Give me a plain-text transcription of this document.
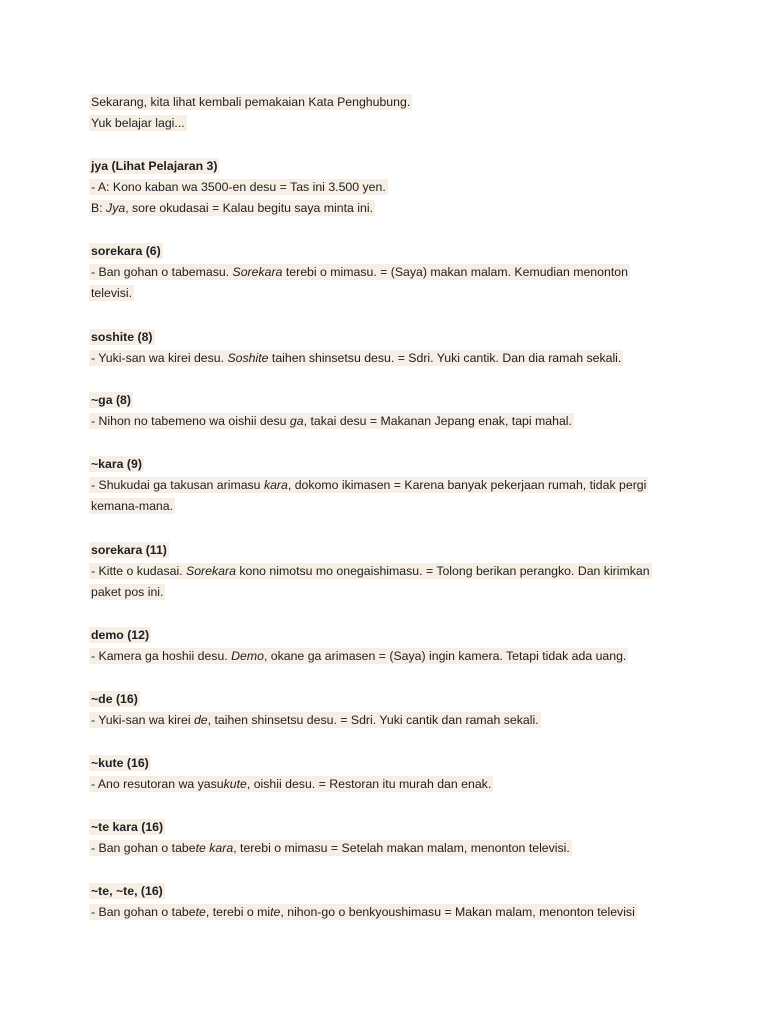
Sekarang, kita lihat kembali pemakaian Kata Penghubung.
Yuk belajar lagi...
jya (Lihat Pelajaran 3)
- A: Kono kaban wa 3500-en desu = Tas ini 3.500 yen.
B: Jya, sore okudasai = Kalau begitu saya minta ini.
sorekara (6)
- Ban gohan o tabemasu. Sorekara terebi o mimasu. = (Saya) makan malam. Kemudian menonton televisi.
soshite (8)
- Yuki-san wa kirei desu. Soshite taihen shinsetsu desu. = Sdri. Yuki cantik. Dan dia ramah sekali.
~ga (8)
- Nihon no tabemeno wa oishii desu ga, takai desu = Makanan Jepang enak, tapi mahal.
~kara (9)
- Shukudai ga takusan arimasu kara, dokomo ikimasen = Karena banyak pekerjaan rumah, tidak pergi kemana-mana.
sorekara (11)
- Kitte o kudasai. Sorekara kono nimotsu mo onegaishimasu. = Tolong berikan perangko. Dan kirimkan paket pos ini.
demo (12)
- Kamera ga hoshii desu. Demo, okane ga arimasen = (Saya) ingin kamera. Tetapi tidak ada uang.
~de (16)
- Yuki-san wa kirei de, taihen shinsetsu desu. = Sdri. Yuki cantik dan ramah sekali.
~kute (16)
- Ano resutoran wa yasukute, oishii desu. = Restoran itu murah dan enak.
~te kara (16)
- Ban gohan o tabete kara, terebi o mimasu = Setelah makan malam, menonton televisi.
~te, ~te, (16)
- Ban gohan o tabete, terebi o mite, nihon-go o benkyoushimasu = Makan malam, menonton televisi
